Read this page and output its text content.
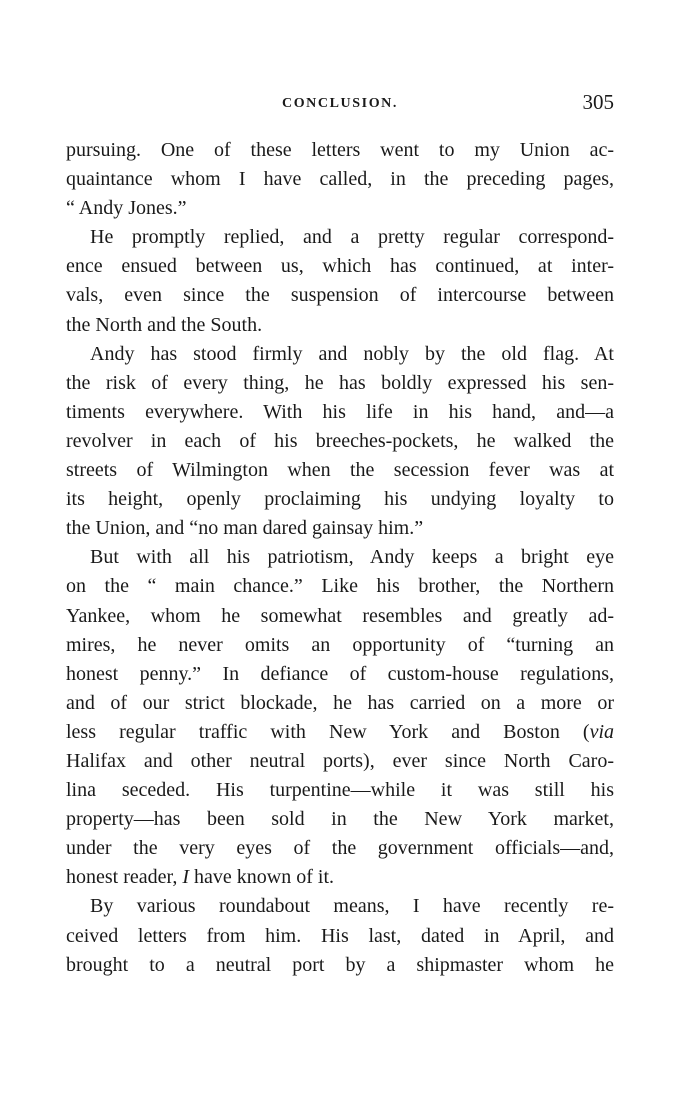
CONCLUSION.	305
pursuing. One of these letters went to my Union ac-
quaintance whom I have called, in the preceding pages,
“ Andy Jones.”
He promptly replied, and a pretty regular correspond-
ence ensued between us, which has continued, at inter-
vals, even since the suspension of intercourse between
the North and the South.
Andy has stood firmly and nobly by the old flag. At
the risk of every thing, he has boldly expressed his sen-
timents everywhere. With his life in his hand, and—a
revolver in each of his breeches-pockets, he walked the
streets of Wilmington when the secession fever was at
its height, openly proclaiming his undying loyalty to
the Union, and “no man dared gainsay him.”
But with all his patriotism, Andy keeps a bright eye
on the “ main chance.” Like his brother, the Northern
Yankee, whom he somewhat resembles and greatly ad-
mires, he never omits an opportunity of “turning an
honest penny.” In defiance of custom-house regulations,
and of our strict blockade, he has carried on a more or
less regular traffic with New York and Boston (via
Halifax and other neutral ports), ever since North Caro-
lina seceded. His turpentine—while it was still his
property—has been sold in the New York market,
under the very eyes of the government officials—and,
honest reader, I have known of it.
By various roundabout means, I have recently re-
ceived letters from him. His last, dated in April, and
brought to a neutral port by a shipmaster whom he
